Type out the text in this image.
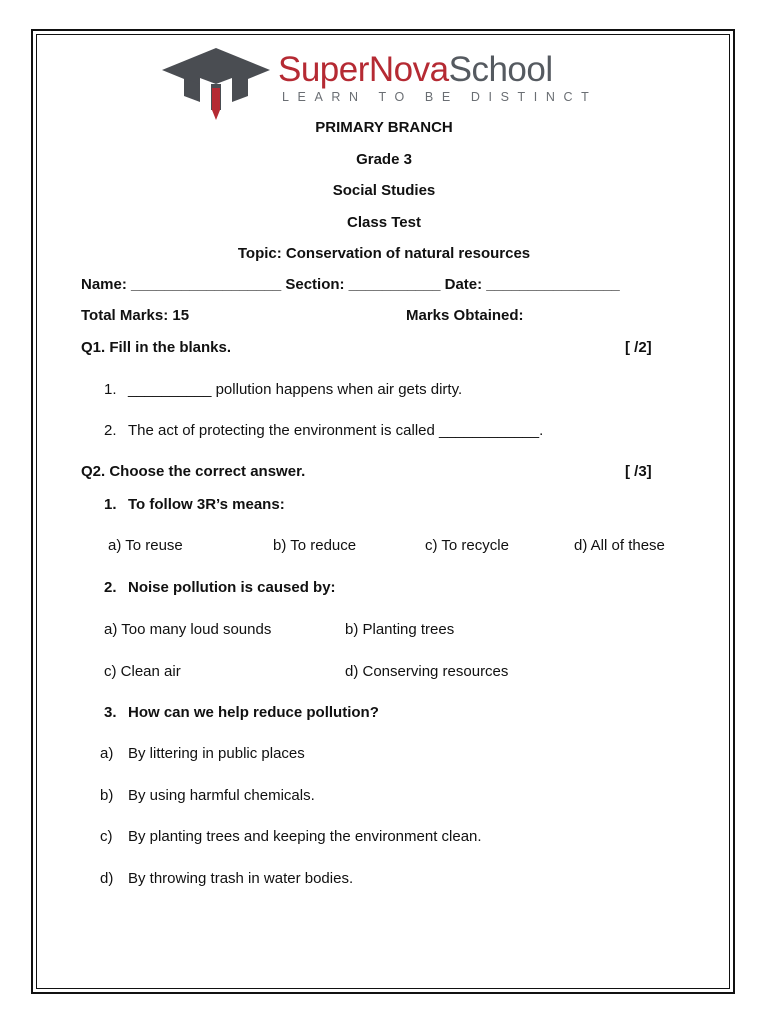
SuperNovaSchool
LEARN TO BE DISTINCT
PRIMARY BRANCH
Grade 3
Social Studies
Class Test
Topic: Conservation of natural resources
Name: __________________ Section: ___________ Date: ________________
Total Marks: 15	Marks Obtained:
Q1. Fill in the blanks.	[ /2]
1. __________ pollution happens when air gets dirty.
2. The act of protecting the environment is called ____________.
Q2. Choose the correct answer.	[ /3]
1. To follow 3R’s means:
a) To reuse	b) To reduce	c) To recycle	d) All of these
2. Noise pollution is caused by:
a) Too many loud sounds	b) Planting trees
c) Clean air	d) Conserving resources
3. How can we help reduce pollution?
a) By littering in public places
b) By using harmful chemicals.
c) By planting trees and keeping the environment clean.
d) By throwing trash in water bodies.
